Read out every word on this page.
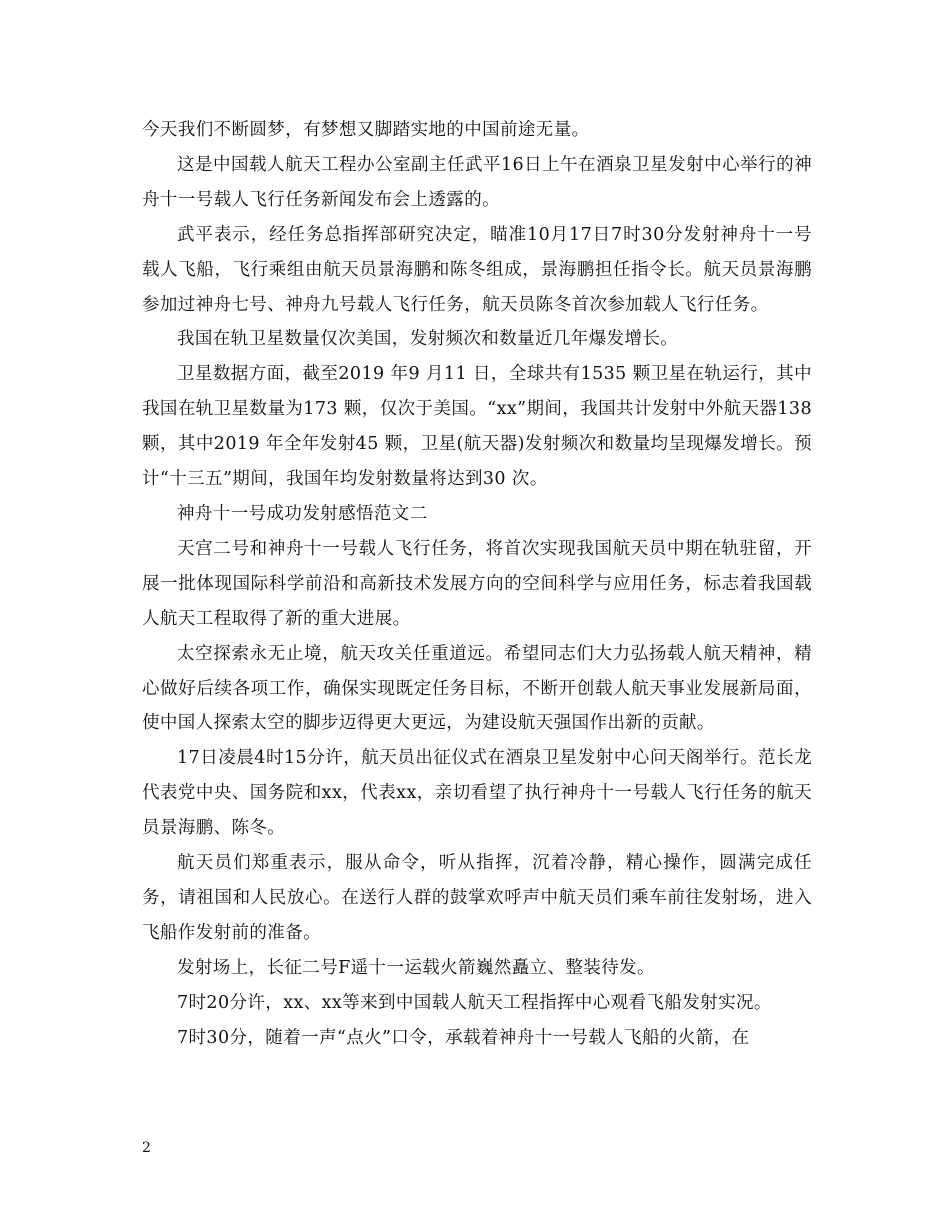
今天我们不断圆梦，有梦想又脚踏实地的中国前途无量。

这是中国载人航天工程办公室副主任武平16日上午在酒泉卫星发射中心举行的神舟十一号载人飞行任务新闻发布会上透露的。

武平表示，经任务总指挥部研究决定，瞄准10月17日7时30分发射神舟十一号载人飞船，飞行乘组由航天员景海鹏和陈冬组成，景海鹏担任指令长。航天员景海鹏参加过神舟七号、神舟九号载人飞行任务，航天员陈冬首次参加载人飞行任务。

我国在轨卫星数量仅次美国，发射频次和数量近几年爆发增长。

卫星数据方面，截至2019 年9 月11 日，全球共有1535 颗卫星在轨运行，其中我国在轨卫星数量为173 颗，仅次于美国。“xx”期间，我国共计发射中外航天器138 颗，其中2019 年全年发射45 颗，卫星(航天器)发射频次和数量均呈现爆发增长。预计“十三五”期间，我国年均发射数量将达到30 次。

神舟十一号成功发射感悟范文二

天宫二号和神舟十一号载人飞行任务，将首次实现我国航天员中期在轨驻留，开展一批体现国际科学前沿和高新技术发展方向的空间科学与应用任务，标志着我国载人航天工程取得了新的重大进展。

太空探索永无止境，航天攻关任重道远。希望同志们大力弘扬载人航天精神，精心做好后续各项工作，确保实现既定任务目标，不断开创载人航天事业发展新局面，使中国人探索太空的脚步迈得更大更远，为建设航天强国作出新的贡献。

17日凌晨4时15分许，航天员出征仪式在酒泉卫星发射中心问天阁举行。范长龙代表党中央、国务院和xx，代表xx，亲切看望了执行神舟十一号载人飞行任务的航天员景海鹏、陈冬。

航天员们郑重表示，服从命令，听从指挥，沉着冷静，精心操作，圆满完成任务，请祖国和人民放心。在送行人群的鼓掌欢呼声中航天员们乘车前往发射场，进入飞船作发射前的准备。

发射场上，长征二号F遥十一运载火箭巍然矗立、整装待发。

7时20分许，xx、xx等来到中国载人航天工程指挥中心观看飞船发射实况。

7时30分，随着一声“点火”口令，承载着神舟十一号载人飞船的火箭，在

2
